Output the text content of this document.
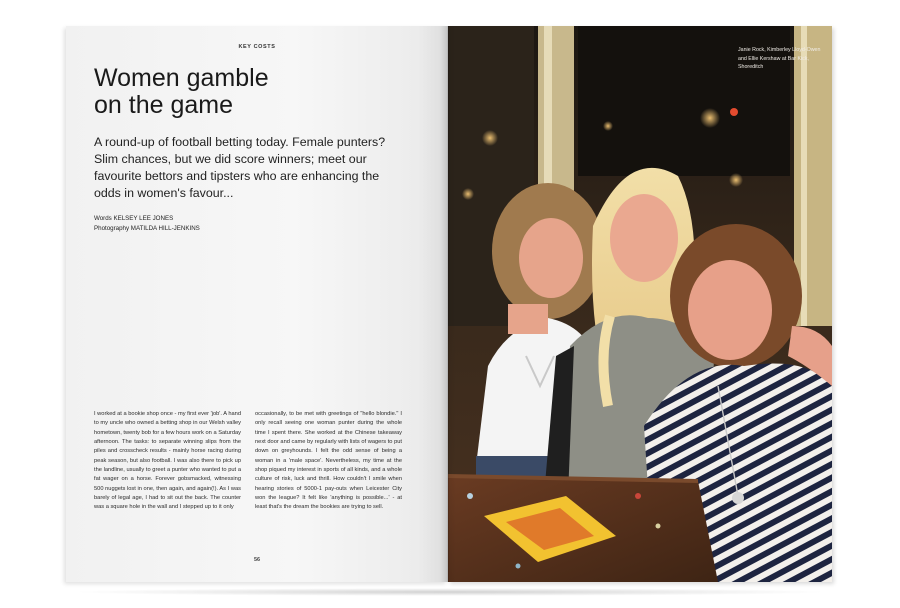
KEY COSTS
Women gamble
on the game

A round-up of football betting today. Female punters? Slim chances, but we did score winners; meet our favourite bettors and tipsters who are enhancing the odds in women's favour...

Words KELSEY LEE JONES
Photography MATILDA HILL-JENKINS

I worked at a bookie shop once - my first ever 'job'. A hand to my uncle who owned a betting shop in our Welsh valley hometown, twenty bob for a few hours work on a Saturday afternoon. The tasks: to separate winning slips from the piles and crosscheck results - mainly horse racing during peak season, but also football. I was also there to pick up the landline, usually to greet a punter who wanted to put a fat wager on a horse. Forever gobsmacked, witnessing 500 nuggets lost in one, then again, and again(!). As I was barely of legal age, I had to sit out the back. The counter was a square hole in the wall and I stepped up to it only

occasionally, to be met with greetings of "hello blondie." I only recall seeing one woman punter during the whole time I spent there. She worked at the Chinese takeaway next door and came by regularly with lists of wagers to put down on greyhounds. I felt the odd sense of being a woman in a 'male space'. Nevertheless, my time at the shop piqued my interest in sports of all kinds, and a whole culture of risk, luck and thrill. How couldn't I smile when hearing stories of 5000-1 pay-outs when Leicester City won the league? It felt like 'anything is possible...' - at least that's the dream the bookies are trying to sell.

56

Janie Rock, Kimberley Lloyd-Owen and Ellie Kershaw at Bar Kick, Shoreditch
